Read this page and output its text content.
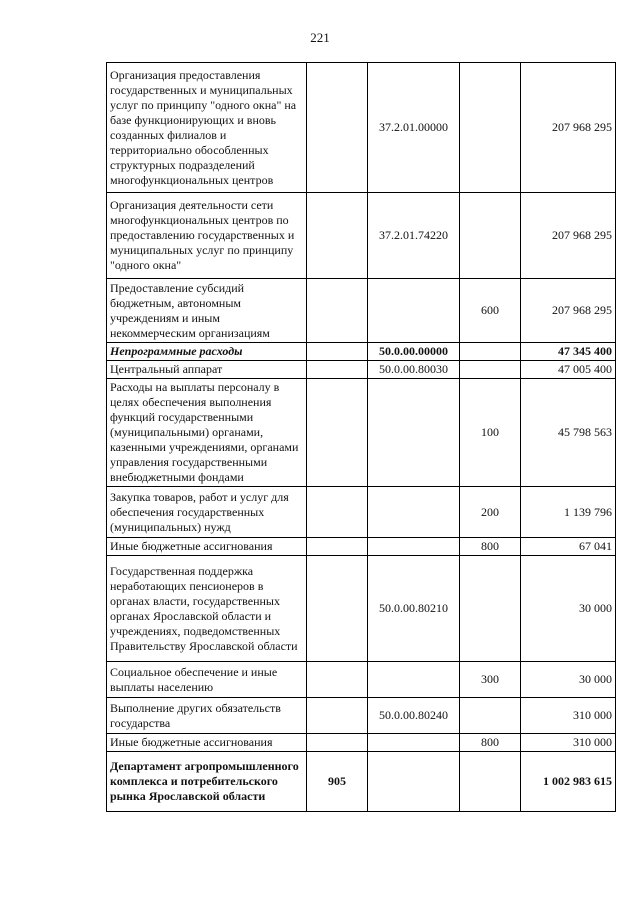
221
Организация предоставления государственных и муниципальных услуг по принципу "одного окна" на базе функционирующих и вновь созданных филиалов и территориально обособленных структурных подразделений многофункциональных центров		37.2.01.00000		207 968 295
Организация деятельности сети многофункциональных центров по предоставлению государственных и муниципальных услуг по принципу "одного окна"		37.2.01.74220		207 968 295
Предоставление субсидий бюджетным, автономным учреждениям и иным некоммерческим организациям			600	207 968 295
Непрограммные расходы		50.0.00.00000		47 345 400
Центральный аппарат		50.0.00.80030		47 005 400
Расходы на выплаты персоналу в целях обеспечения выполнения функций государственными (муниципальными) органами, казенными учреждениями, органами управления государственными внебюджетными фондами			100	45 798 563
Закупка товаров, работ и услуг для обеспечения государственных (муниципальных) нужд			200	1 139 796
Иные бюджетные ассигнования			800	67 041
Государственная поддержка неработающих пенсионеров в органах власти, государственных органах Ярославской области и учреждениях, подведомственных Правительству Ярославской области		50.0.00.80210		30 000
Социальное обеспечение и иные выплаты населению			300	30 000
Выполнение других обязательств государства		50.0.00.80240		310 000
Иные бюджетные ассигнования			800	310 000
Департамент агропромышленного комплекса и потребительского рынка Ярославской области	905			1 002 983 615
